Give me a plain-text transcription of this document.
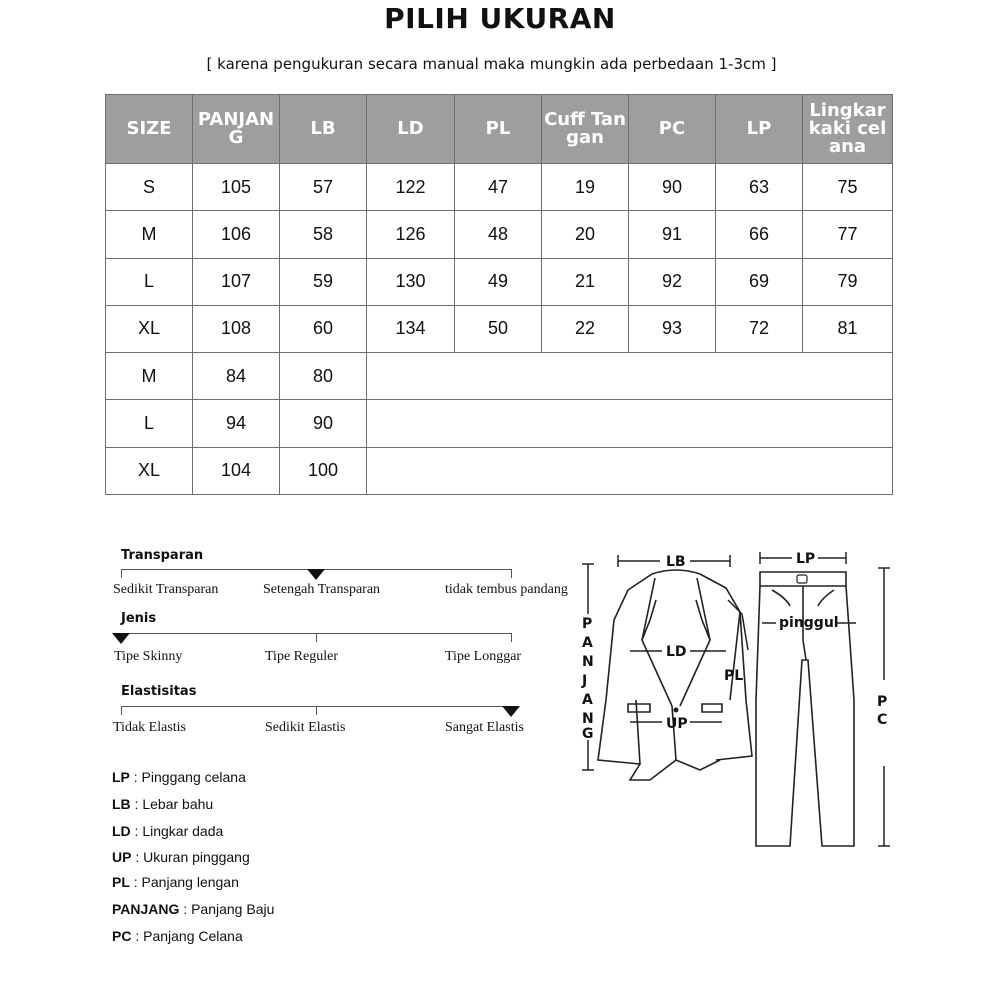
PILIH UKURAN
[ karena pengukuran secara manual maka mungkin ada perbedaan 1-3cm ]
SIZE	PANJANG	LB	LD	PL	Cuff Tangan	PC	LP	Lingkar kaki celana
S	105	57	122	47	19	90	63	75
M	106	58	126	48	20	91	66	77
L	107	59	130	49	21	92	69	79
XL	108	60	134	50	22	93	72	81
M	84	80						
L	94	90						
XL	104	100						
Transparan
Sedikit Transparan	Setengah Transparan	tidak tembus pandang
Jenis
Tipe Skinny	Tipe Reguler	Tipe Longgar
Elastisitas
Tidak Elastis	Sedikit Elastis	Sangat Elastis
LP : Pinggang celana
LB : Lebar bahu
LD : Lingkar dada
UP : Ukuran pinggang
PL : Panjang lengan
PANJANG : Panjang Baju
PC : Panjang Celana
LB	LP
pinggul
LD
UP
PL
P
A
N
J
A
N
G
P
C
